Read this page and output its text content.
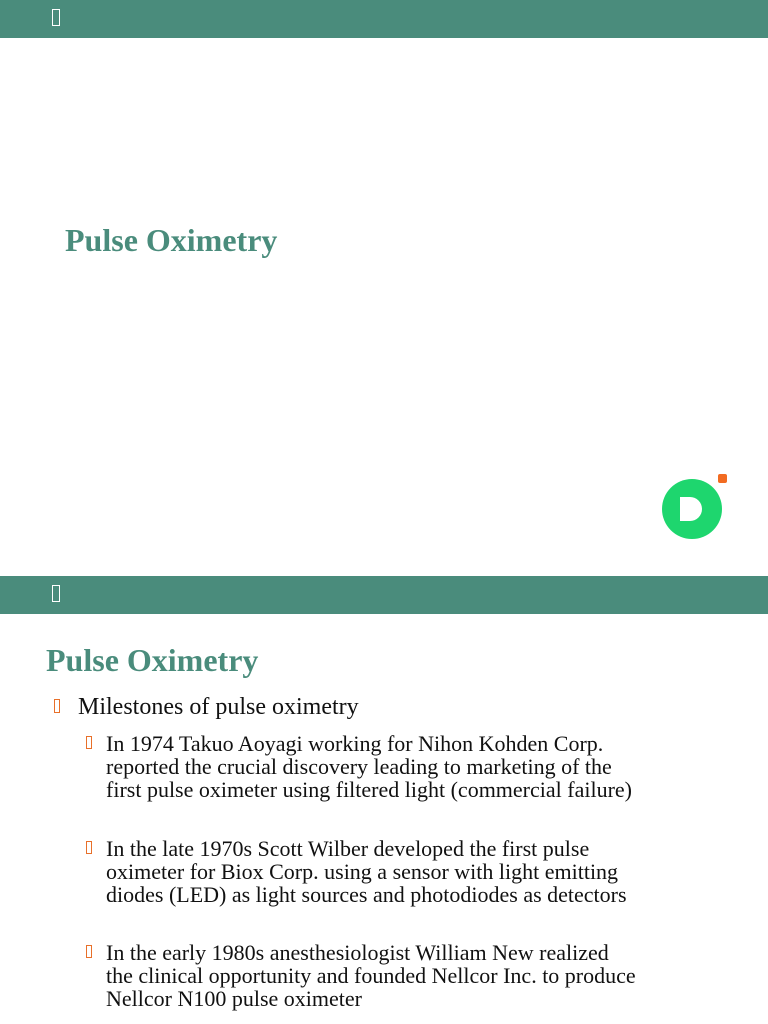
Pulse Oximetry
Pulse Oximetry
Milestones of pulse oximetry
In 1974 Takuo Aoyagi working for Nihon Kohden Corp. reported the crucial discovery leading to marketing of the first pulse oximeter using filtered light (commercial failure)
In the late 1970s Scott Wilber developed the first pulse oximeter for Biox Corp. using a sensor with light emitting diodes (LED) as light sources and photodiodes as detectors
In the early 1980s anesthesiologist William New realized the clinical opportunity and founded Nellcor Inc. to produce Nellcor N100 pulse oximeter
